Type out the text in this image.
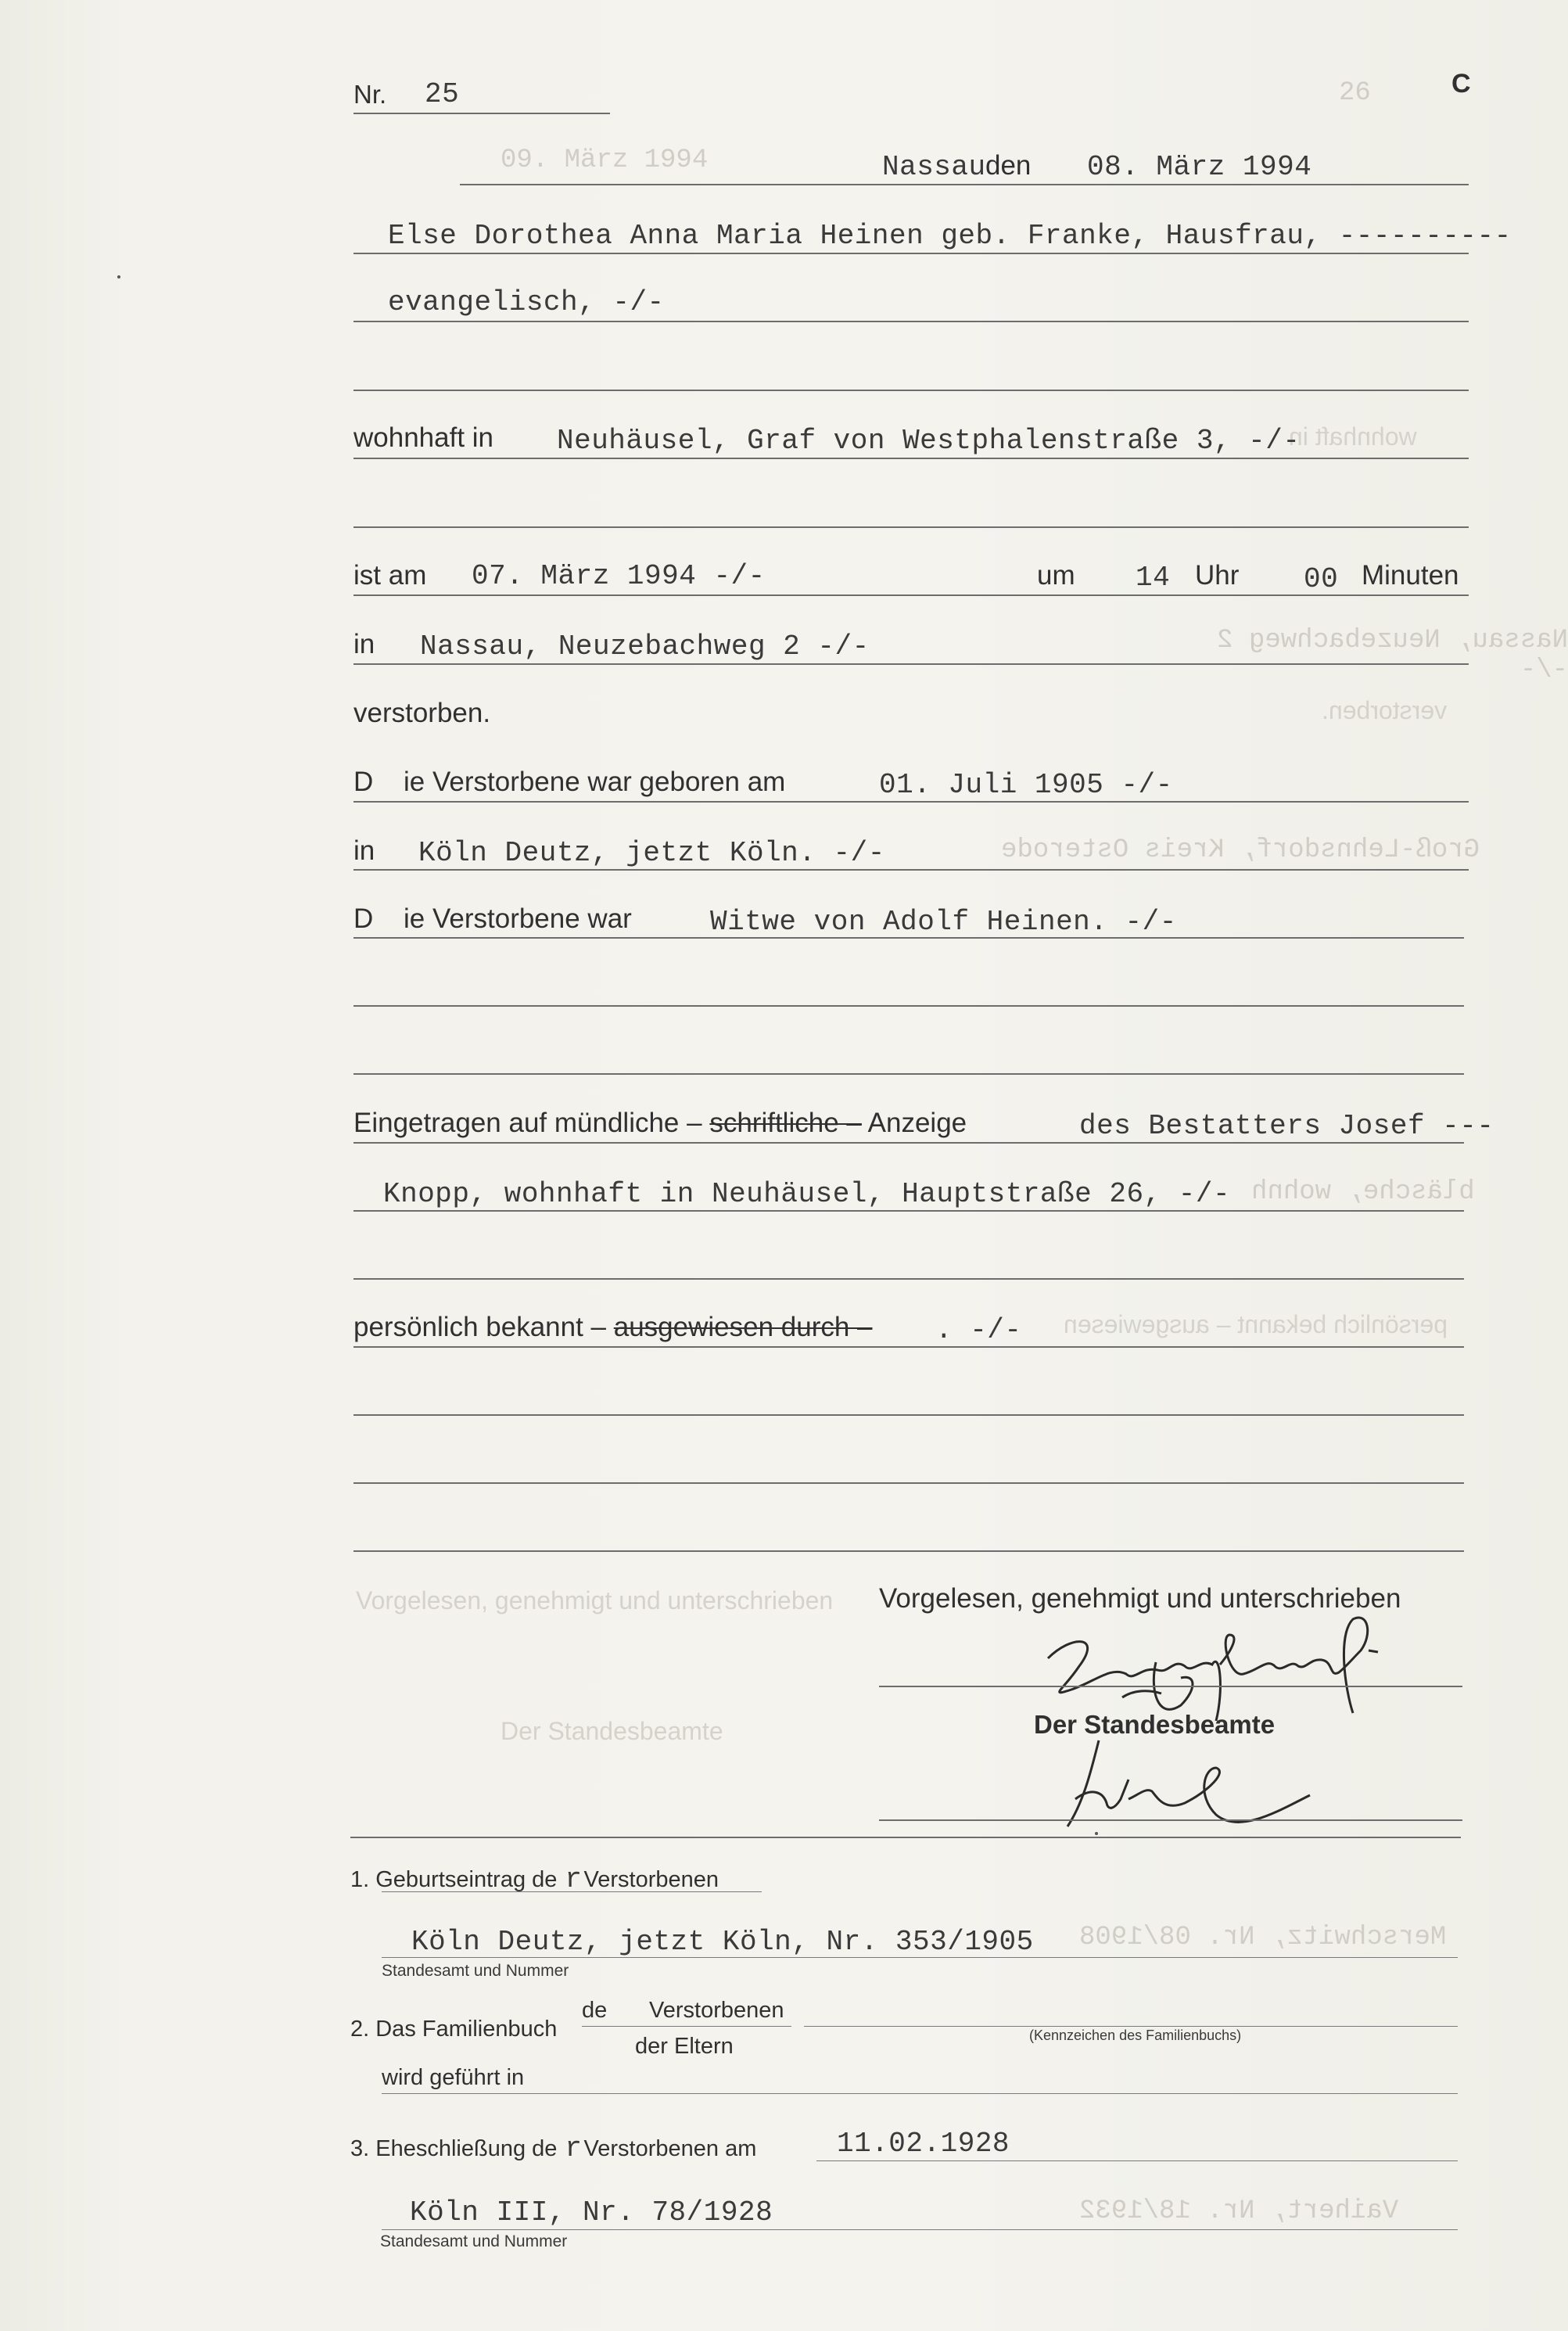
26
09. März 1994
wohnhaft in
Nassau, Neuzebachweg 2 -/-
verstorben.
Groß-Lehnsdorf, Kreis Osterode
bläsche, wohnh
persönlich bekannt – ausgewiesen
Vorgelesen, genehmigt und unterschrieben
Der Standesbeamte
Merschwitz, Nr. 08/1908
Vaihert, Nr. 18/1932
Nr. 25	C
Nassau den 08. März 1994
Else Dorothea Anna Maria Heinen geb. Franke, Hausfrau, ----------
evangelisch, -/-
wohnhaft in Neuhäusel, Graf von Westphalenstraße 3, -/-
ist am 07. März 1994 -/-	um 14 Uhr 00 Minuten
in Nassau, Neuzebachweg 2 -/-
verstorben.
D ie Verstorbene war geboren am	01. Juli 1905 -/-
in Köln Deutz, jetzt Köln. -/-
D ie Verstorbene war	Witwe von Adolf Heinen. -/-
Eingetragen auf mündliche – schriftliche – Anzeige	des Bestatters Josef ---
Knopp, wohnhaft in Neuhäusel, Hauptstraße 26, -/-
persönlich bekannt – ausgewiesen durch – . -/-
Vorgelesen, genehmigt und unterschrieben
Der Standesbeamte
1. Geburtseintrag de rVerstorbenen
Köln Deutz, jetzt Köln, Nr. 353/1905
Standesamt und Nummer
2. Das Familienbuch
de Verstorbenen
der Eltern	(Kennzeichen des Familienbuchs)
wird geführt in
3. Eheschließung de rVerstorbenen am	11.02.1928
Köln III, Nr. 78/1928
Standesamt und Nummer
